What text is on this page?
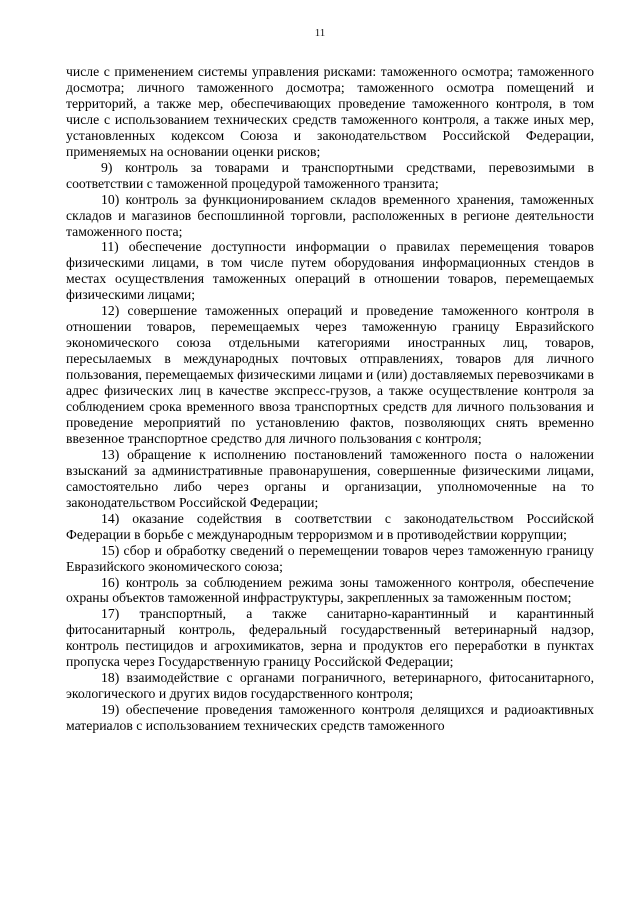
11

числе с применением системы управления рисками: таможенного осмотра; таможенного досмотра; личного таможенного досмотра; таможенного осмотра помещений и территорий, а также мер, обеспечивающих проведение таможенного контроля, в том числе с использованием технических средств таможенного контроля, а также иных мер, установленных кодексом Союза и законодательством Российской Федерации, применяемых на основании оценки рисков;

9) контроль за товарами и транспортными средствами, перевозимыми в соответствии с таможенной процедурой таможенного транзита;

10) контроль за функционированием складов временного хранения, таможенных складов и магазинов беспошлинной торговли, расположенных в регионе деятельности таможенного поста;

11) обеспечение доступности информации о правилах перемещения товаров физическими лицами, в том числе путем оборудования информационных стендов в местах осуществления таможенных операций в отношении товаров, перемещаемых физическими лицами;

12) совершение таможенных операций и проведение таможенного контроля в отношении товаров, перемещаемых через таможенную границу Евразийского экономического союза отдельными категориями иностранных лиц, товаров, пересылаемых в международных почтовых отправлениях, товаров для личного пользования, перемещаемых физическими лицами и (или) доставляемых перевозчиками в адрес физических лиц в качестве экспресс-грузов, а также осуществление контроля за соблюдением срока временного ввоза транспортных средств для личного пользования и проведение мероприятий по установлению фактов, позволяющих снять временно ввезенное транспортное средство для личного пользования с контроля;

13) обращение к исполнению постановлений таможенного поста о наложении взысканий за административные правонарушения, совершенные физическими лицами, самостоятельно либо через органы и организации, уполномоченные на то законодательством Российской Федерации;

14) оказание содействия в соответствии с законодательством Российской Федерации в борьбе с международным терроризмом и в противодействии коррупции;

15) сбор и обработку сведений о перемещении товаров через таможенную границу Евразийского экономического союза;

16) контроль за соблюдением режима зоны таможенного контроля, обеспечение охраны объектов таможенной инфраструктуры, закрепленных за таможенным постом;

17) транспортный, а также санитарно-карантинный и карантинный фитосанитарный контроль, федеральный государственный ветеринарный надзор, контроль пестицидов и агрохимикатов, зерна и продуктов его переработки в пунктах пропуска через Государственную границу Российской Федерации;

18) взаимодействие с органами пограничного, ветеринарного, фитосанитарного, экологического и других видов государственного контроля;

19) обеспечение проведения таможенного контроля делящихся и радиоактивных материалов с использованием технических средств таможенного
